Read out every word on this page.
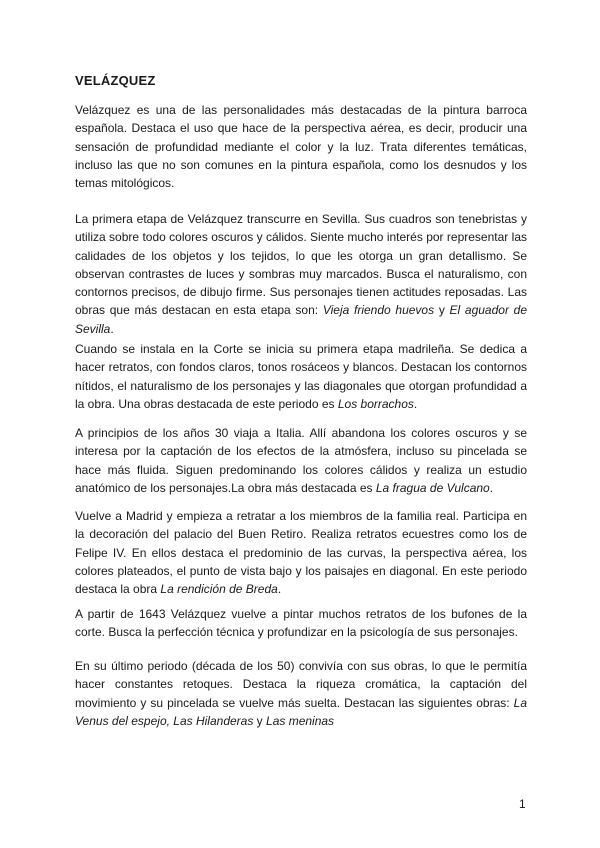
VELÁZQUEZ

Velázquez es una de las personalidades más destacadas de la pintura barroca española. Destaca el uso que hace de la perspectiva aérea, es decir, producir una sensación de profundidad mediante el color y la luz. Trata diferentes temáticas, incluso las que no son comunes en la pintura española, como los desnudos y los temas mitológicos.

La primera etapa de Velázquez transcurre en Sevilla. Sus cuadros son tenebristas y utiliza sobre todo colores oscuros y cálidos. Siente mucho interés por representar las calidades de los objetos y los tejidos, lo que les otorga un gran detallismo. Se observan contrastes de luces y sombras muy marcados. Busca el naturalismo, con contornos precisos, de dibujo firme. Sus personajes tienen actitudes reposadas. Las obras que más destacan en esta etapa son: Vieja friendo huevos y El aguador de Sevilla.

Cuando se instala en la Corte se inicia su primera etapa madrileña. Se dedica a hacer retratos, con fondos claros, tonos rosáceos y blancos. Destacan los contornos nítidos, el naturalismo de los personajes y las diagonales que otorgan profundidad a la obra. Una obras destacada de este periodo es Los borrachos.

A principios de los años 30 viaja a Italia. Allí abandona los colores oscuros y se interesa por la captación de los efectos de la atmósfera, incluso su pincelada se hace más fluida. Siguen predominando los colores cálidos y realiza un estudio anatómico de los personajes.La obra más destacada es La fragua de Vulcano.

Vuelve a Madrid y empieza a retratar a los miembros de la familia real. Participa en la decoración del palacio del Buen Retiro. Realiza retratos ecuestres como los de Felipe IV. En ellos destaca el predominio de las curvas, la perspectiva aérea, los colores plateados, el punto de vista bajo y los paisajes en diagonal. En este periodo destaca la obra La rendición de Breda.

A partir de 1643 Velázquez vuelve a pintar muchos retratos de los bufones de la corte. Busca la perfección técnica y profundizar en la psicología de sus personajes.

En su último periodo (década de los 50) convivía con sus obras, lo que le permitía hacer constantes retoques. Destaca la riqueza cromática, la captación del movimiento y su pincelada se vuelve más suelta. Destacan las siguientes obras: La Venus del espejo, Las Hilanderas y Las meninas

1
